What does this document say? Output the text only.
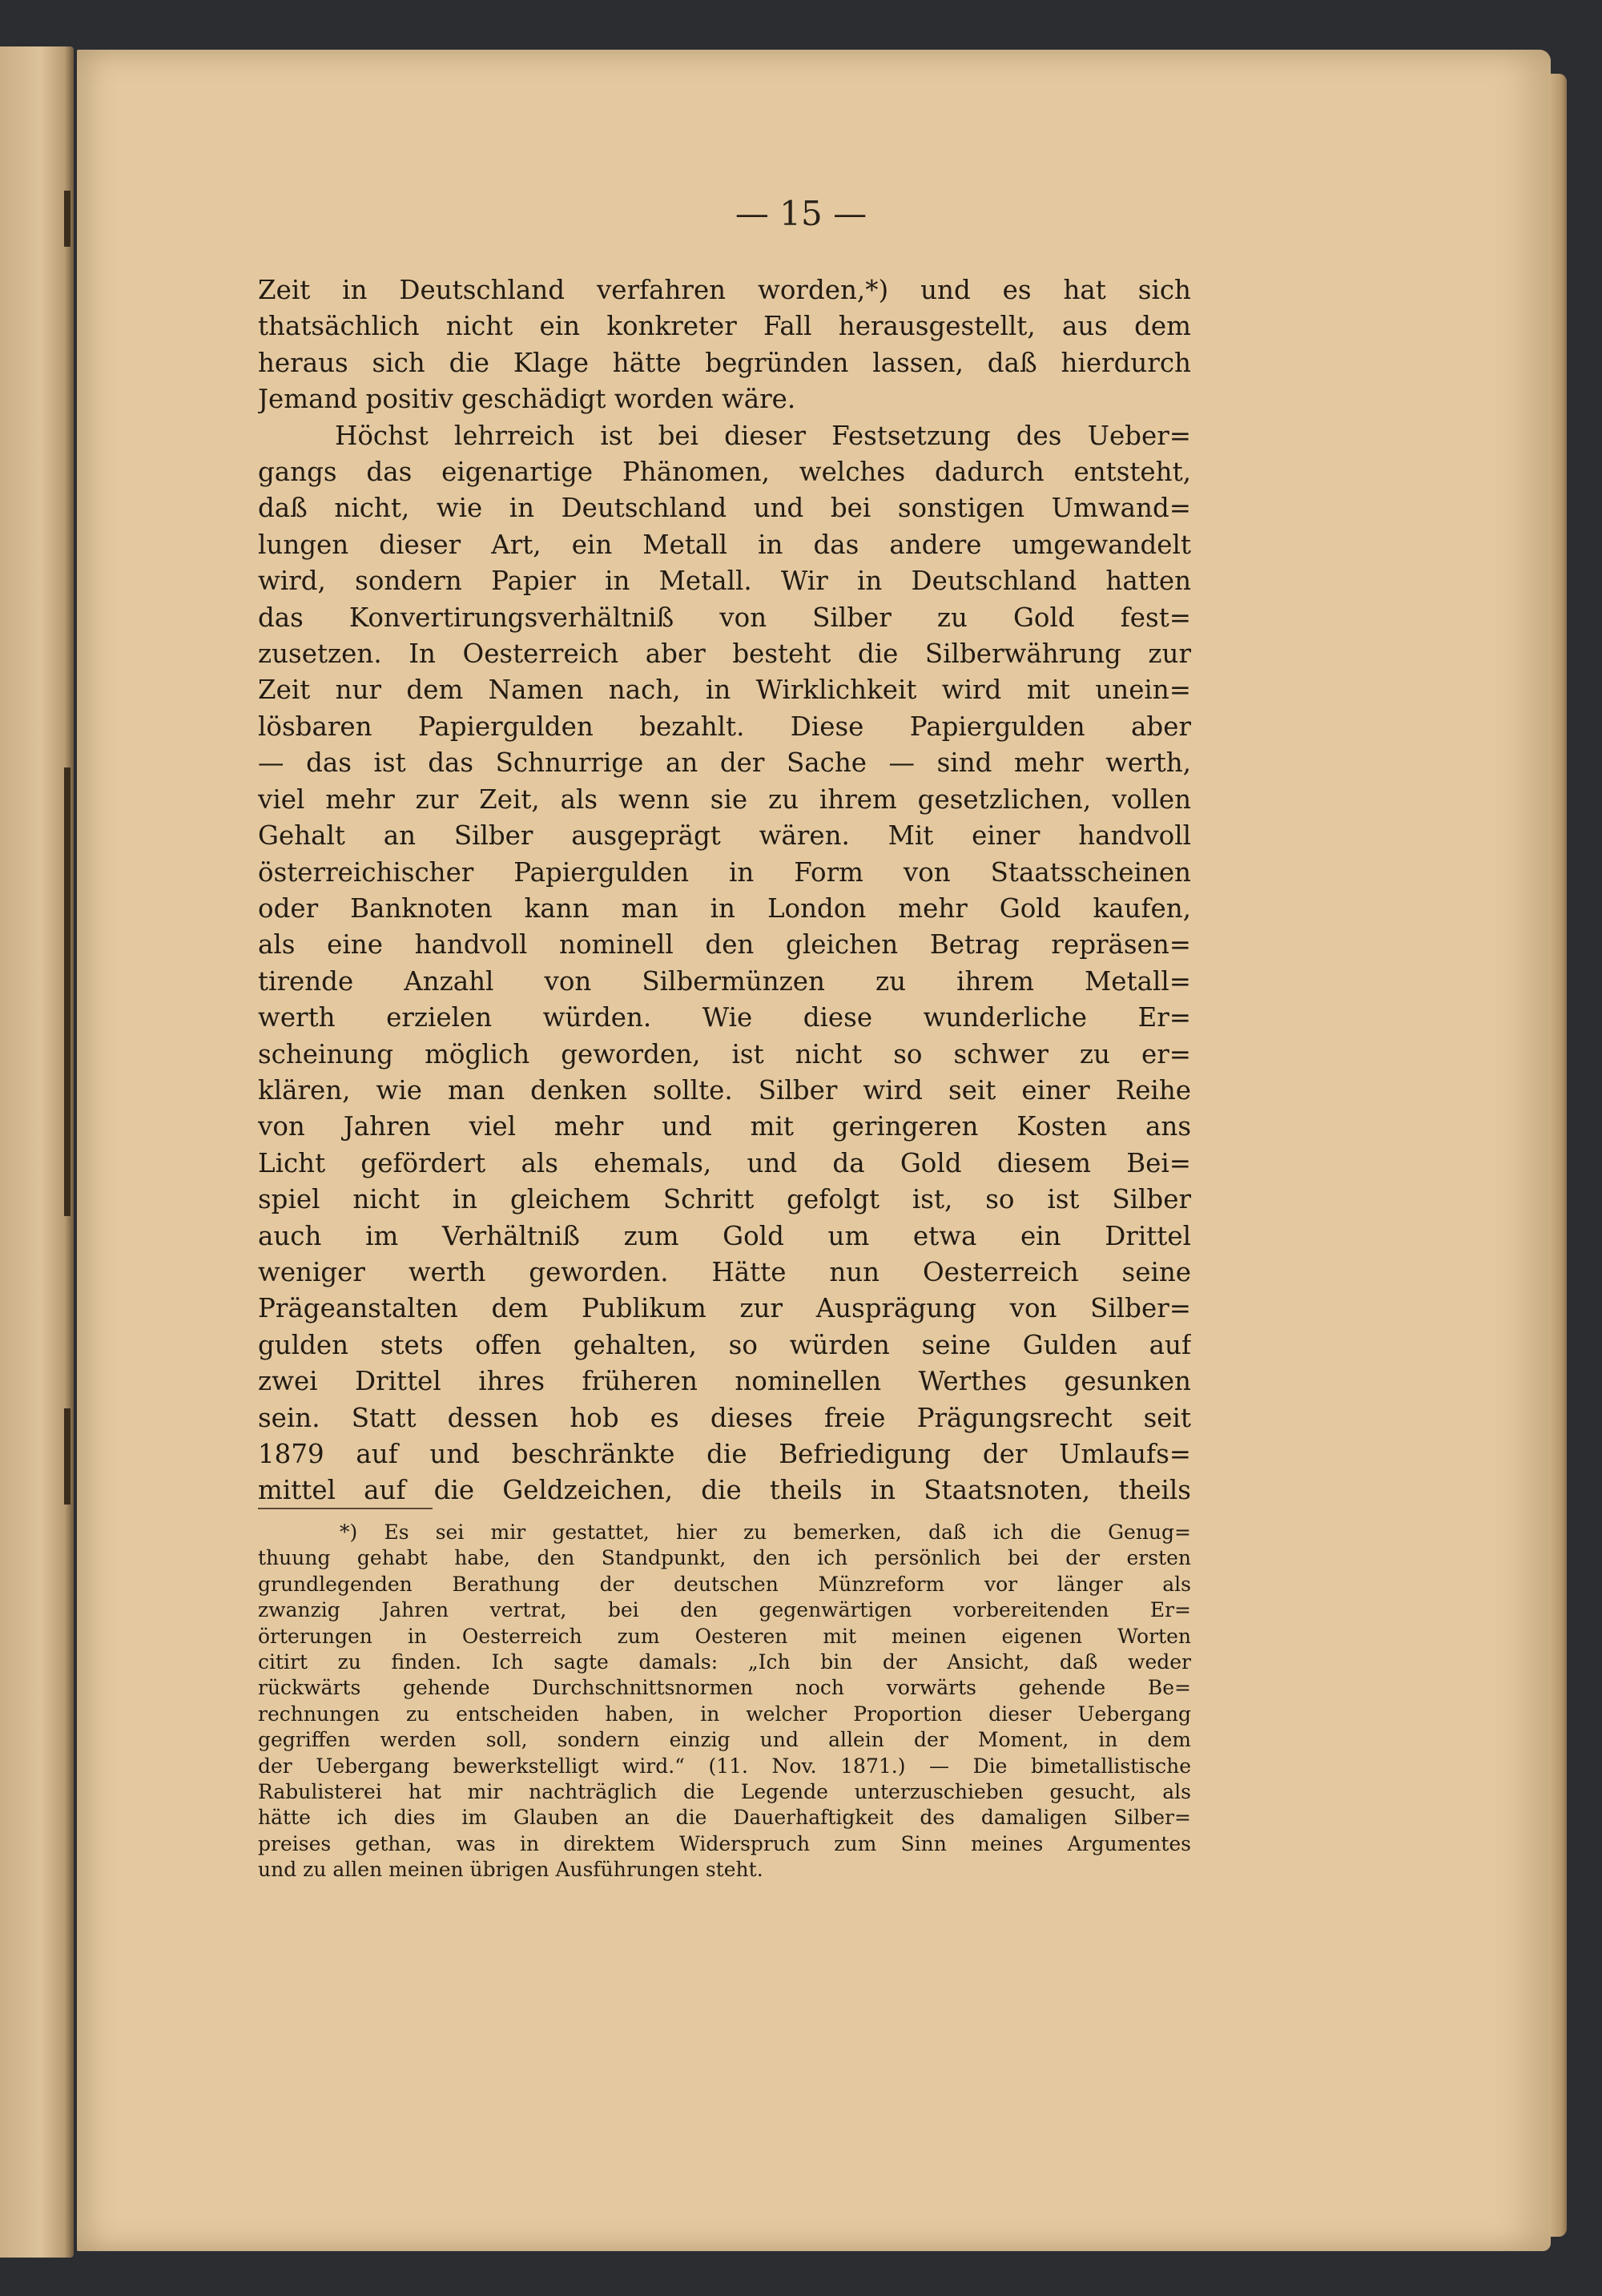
— 15 —
Zeit in Deutschland verfahren worden,*) und es hat sich
thatsächlich nicht ein konkreter Fall herausgestellt, aus dem
heraus sich die Klage hätte begründen lassen, daß hierdurch
Jemand positiv geschädigt worden wäre.
Höchst lehrreich ist bei dieser Festsetzung des Ueber=
gangs das eigenartige Phänomen, welches dadurch entsteht,
daß nicht, wie in Deutschland und bei sonstigen Umwand=
lungen dieser Art, ein Metall in das andere umgewandelt
wird, sondern Papier in Metall. Wir in Deutschland hatten
das Konvertirungsverhältniß von Silber zu Gold fest=
zusetzen. In Oesterreich aber besteht die Silberwährung zur
Zeit nur dem Namen nach, in Wirklichkeit wird mit unein=
lösbaren Papiergulden bezahlt. Diese Papiergulden aber
— das ist das Schnurrige an der Sache — sind mehr werth,
viel mehr zur Zeit, als wenn sie zu ihrem gesetzlichen, vollen
Gehalt an Silber ausgeprägt wären. Mit einer handvoll
österreichischer Papiergulden in Form von Staatsscheinen
oder Banknoten kann man in London mehr Gold kaufen,
als eine handvoll nominell den gleichen Betrag repräsen=
tirende Anzahl von Silbermünzen zu ihrem Metall=
werth erzielen würden. Wie diese wunderliche Er=
scheinung möglich geworden, ist nicht so schwer zu er=
klären, wie man denken sollte. Silber wird seit einer Reihe
von Jahren viel mehr und mit geringeren Kosten ans
Licht gefördert als ehemals, und da Gold diesem Bei=
spiel nicht in gleichem Schritt gefolgt ist, so ist Silber
auch im Verhältniß zum Gold um etwa ein Drittel
weniger werth geworden. Hätte nun Oesterreich seine
Prägeanstalten dem Publikum zur Ausprägung von Silber=
gulden stets offen gehalten, so würden seine Gulden auf
zwei Drittel ihres früheren nominellen Werthes gesunken
sein. Statt dessen hob es dieses freie Prägungsrecht seit
1879 auf und beschränkte die Befriedigung der Umlaufs=
mittel auf die Geldzeichen, die theils in Staatsnoten, theils
*) Es sei mir gestattet, hier zu bemerken, daß ich die Genug=
thuung gehabt habe, den Standpunkt, den ich persönlich bei der ersten
grundlegenden Berathung der deutschen Münzreform vor länger als
zwanzig Jahren vertrat, bei den gegenwärtigen vorbereitenden Er=
örterungen in Oesterreich zum Oesteren mit meinen eigenen Worten
citirt zu finden. Ich sagte damals: „Ich bin der Ansicht, daß weder
rückwärts gehende Durchschnittsnormen noch vorwärts gehende Be=
rechnungen zu entscheiden haben, in welcher Proportion dieser Uebergang
gegriffen werden soll, sondern einzig und allein der Moment, in dem
der Uebergang bewerkstelligt wird.“ (11. Nov. 1871.) — Die bimetallistische
Rabulisterei hat mir nachträglich die Legende unterzuschieben gesucht, als
hätte ich dies im Glauben an die Dauerhaftigkeit des damaligen Silber=
preises gethan, was in direktem Widerspruch zum Sinn meines Argumentes
und zu allen meinen übrigen Ausführungen steht.
